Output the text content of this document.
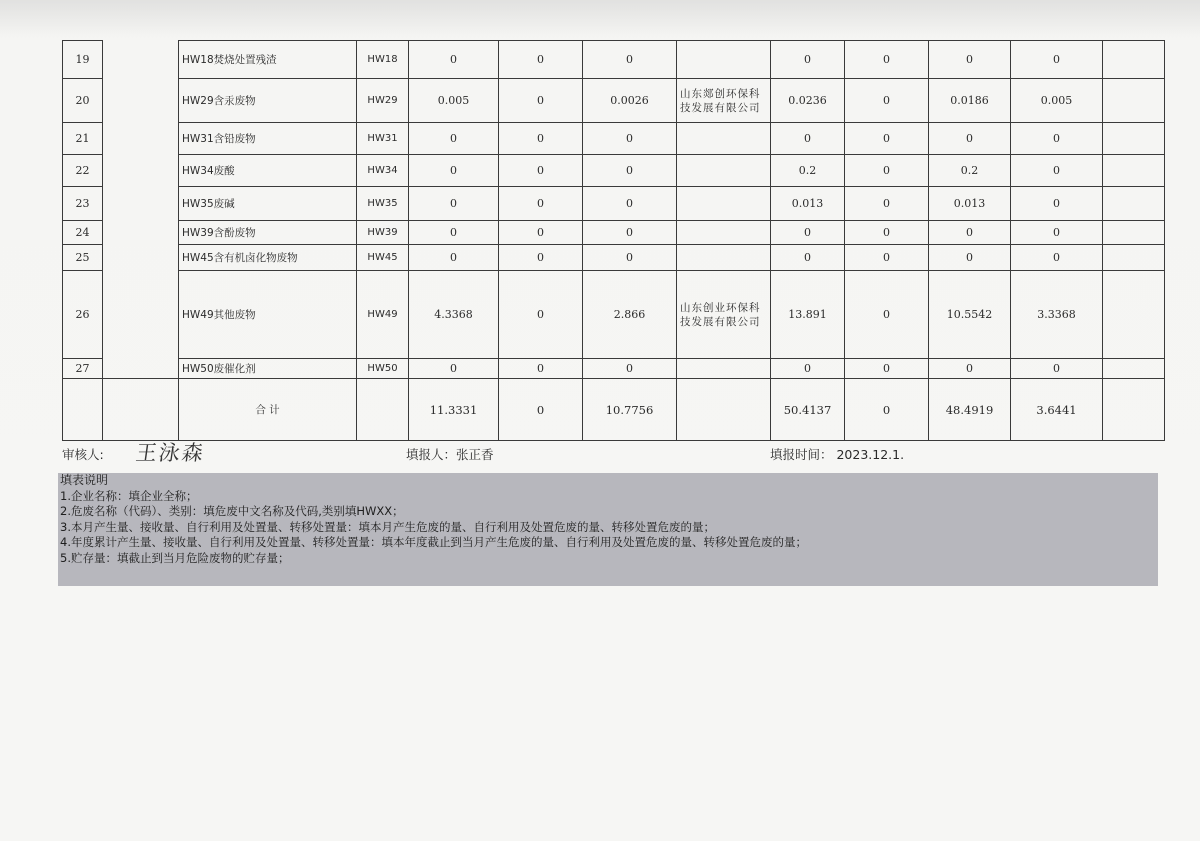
19		HW18焚烧处置残渣	HW18	0	0	0		0	0	0	0	
20		HW29含汞废物	HW29	0.005	0	0.0026	山东郯创环保科技发展有限公司	0.0236	0	0.0186	0.005	
21		HW31含铅废物	HW31	0	0	0		0	0	0	0	
22		HW34废酸	HW34	0	0	0		0.2	0	0.2	0	
23		HW35废碱	HW35	0	0	0		0.013	0	0.013	0	
24		HW39含酚废物	HW39	0	0	0		0	0	0	0	
25		HW45含有机卤化物废物	HW45	0	0	0		0	0	0	0	
26		HW49其他废物	HW49	4.3368	0	2.866	山东创业环保科技发展有限公司	13.891	0	10.5542	3.3368	
27		HW50废催化剂	HW50	0	0	0		0	0	0	0	
		合 计		11.3331	0	10.7756		50.4137	0	48.4919	3.6441	
审核人:	填报人：张正香	填报时间： 2023.12.1.
王泳森
填表说明
1.企业名称：填企业全称；
2.危废名称（代码）、类别：填危废中文名称及代码,类别填HWXX；
3.本月产生量、接收量、自行利用及处置量、转移处置量：填本月产生危废的量、自行利用及处置危废的量、转移处置危废的量；
4.年度累计产生量、接收量、自行利用及处置量、转移处置量：填本年度截止到当月产生危废的量、自行利用及处置危废的量、转移处置危废的量；
5.贮存量：填截止到当月危险废物的贮存量；
